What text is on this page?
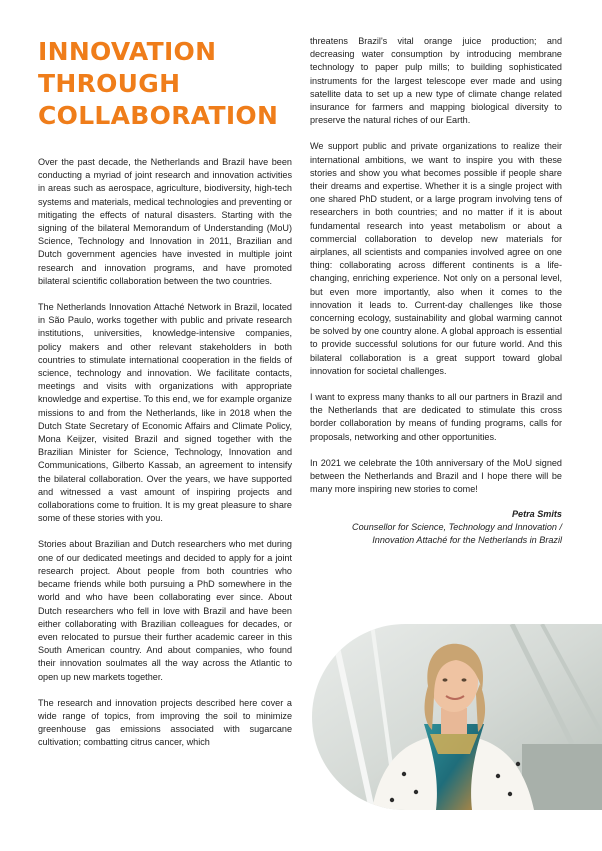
INNOVATION
THROUGH
COLLABORATION

Over the past decade, the Netherlands and Brazil have been conducting a myriad of joint research and innovation activities in areas such as aerospace, agriculture, biodiversity, high-tech systems and materials, medical technologies and preventing or mitigating the effects of natural disasters. Starting with the signing of the bilateral Memorandum of Understanding (MoU) Science, Technology and Innovation in 2011, Brazilian and Dutch government agencies have invested in multiple joint research and innovation programs, and have promoted bilateral scientific collaboration between the two countries.

The Netherlands Innovation Attaché Network in Brazil, located in São Paulo, works together with public and private research institutions, universities, knowledge-intensive companies, policy makers and other relevant stakeholders in both countries to stimulate international cooperation in the fields of science, technology and innovation. We facilitate contacts, meetings and visits with organizations with appropriate knowledge and expertise. To this end, we for example organize missions to and from the Netherlands, like in 2018 when the Dutch State Secretary of Economic Affairs and Climate Policy, Mona Keijzer, visited Brazil and signed together with the Brazilian Minister for Science, Technology, Innovation and Communications, Gilberto Kassab, an agreement to intensify the bilateral collaboration. Over the years, we have supported and witnessed a vast amount of inspiring projects and collaborations come to fruition. It is my great pleasure to share some of these stories with you.

Stories about Brazilian and Dutch researchers who met during one of our dedicated meetings and decided to apply for a joint research project. About people from both countries who became friends while both pursuing a PhD somewhere in the world and who have been collaborating ever since. About Dutch researchers who fell in love with Brazil and have been either collaborating with Brazilian colleagues for decades, or even relocated to pursue their further academic career in this South American country. And about companies, who found their innovation soulmates all the way across the Atlantic to open up new markets together.

The research and innovation projects described here cover a wide range of topics, from improving the soil to minimize greenhouse gas emissions associated with sugarcane cultivation; combatting citrus cancer, which

threatens Brazil's vital orange juice production; and decreasing water consumption by introducing membrane technology to paper pulp mills; to building sophisticated instruments for the largest telescope ever made and using satellite data to set up a new type of climate change related insurance for farmers and mapping biological diversity to preserve the natural riches of our Earth.

We support public and private organizations to realize their international ambitions, we want to inspire you with these stories and show you what becomes possible if people share their dreams and expertise. Whether it is a single project with one shared PhD student, or a large program involving tens of researchers in both countries; and no matter if it is about fundamental research into yeast metabolism or about a commercial collaboration to develop new materials for airplanes, all scientists and companies involved agree on one thing: collaborating across different continents is a life-changing, enriching experience. Not only on a personal level, but even more importantly, also when it comes to the innovation it leads to. Current-day challenges like those concerning ecology, sustainability and global warming cannot be solved by one country alone. A global approach is essential to provide successful solutions for our future world. And this bilateral collaboration is a great support toward global innovation for societal challenges.

I want to express many thanks to all our partners in Brazil and the Netherlands that are dedicated to stimulate this cross border collaboration by means of funding programs, calls for proposals, networking and other opportunities.

In 2021 we celebrate the 10th anniversary of the MoU signed between the Netherlands and Brazil and I hope there will be many more inspiring new stories to come!

Petra Smits
Counsellor for Science, Technology and Innovation /
Innovation Attaché for the Netherlands in Brazil
